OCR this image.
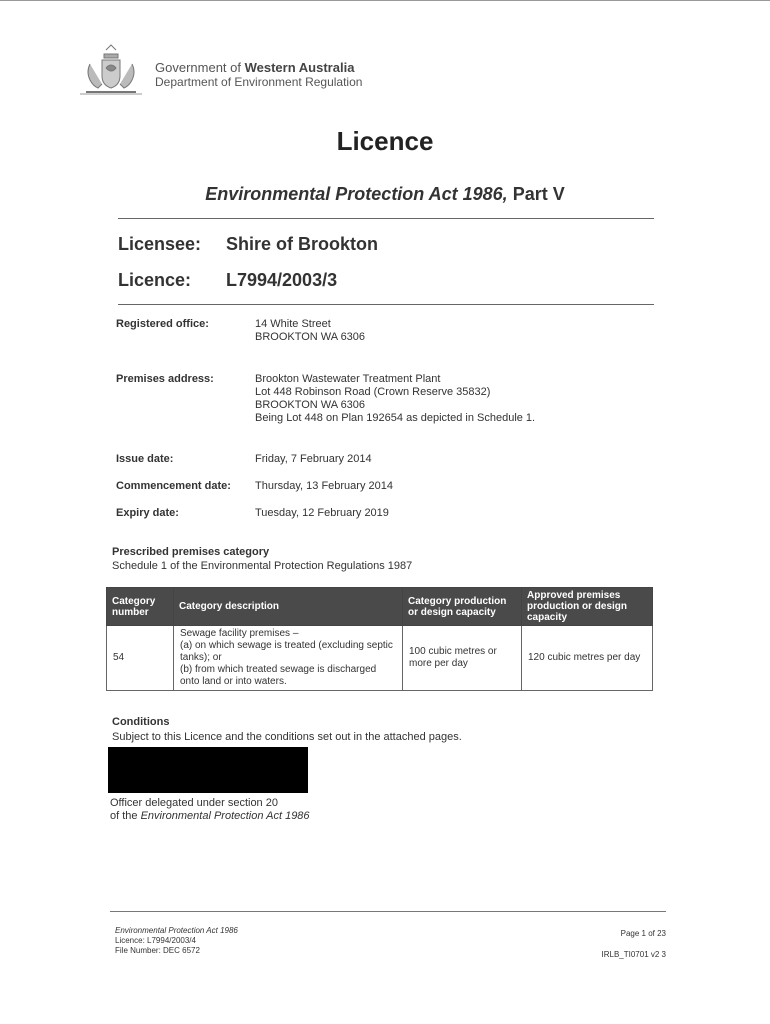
Government of Western Australia
Department of Environment Regulation
Licence
Environmental Protection Act 1986, Part V
Licensee: Shire of Brookton
Licence: L7994/2003/3
Registered office:	14 White Street
BROOKTON WA 6306
Premises address:	Brookton Wastewater Treatment Plant
Lot 448 Robinson Road (Crown Reserve 35832)
BROOKTON WA 6306
Being Lot 448 on Plan 192654 as depicted in Schedule 1.
Issue date:	Friday, 7 February 2014
Commencement date: Thursday, 13 February 2014
Expiry date:	Tuesday, 12 February 2019
Prescribed premises category
Schedule 1 of the Environmental Protection Regulations 1987
Category number	Category description	Category production or design capacity	Approved premises production or design capacity
54	Sewage facility premises –
(a) on which sewage is treated (excluding septic tanks); or
(b) from which treated sewage is discharged onto land or into waters.	100 cubic metres or more per day	120 cubic metres per day
Conditions
Subject to this Licence and the conditions set out in the attached pages.
Officer delegated under section 20
of the Environmental Protection Act 1986
Environmental Protection Act 1986
Licence: L7994/2003/4
File Number: DEC 6572
Page 1 of 23
IRLB_TI0701 v2 3
